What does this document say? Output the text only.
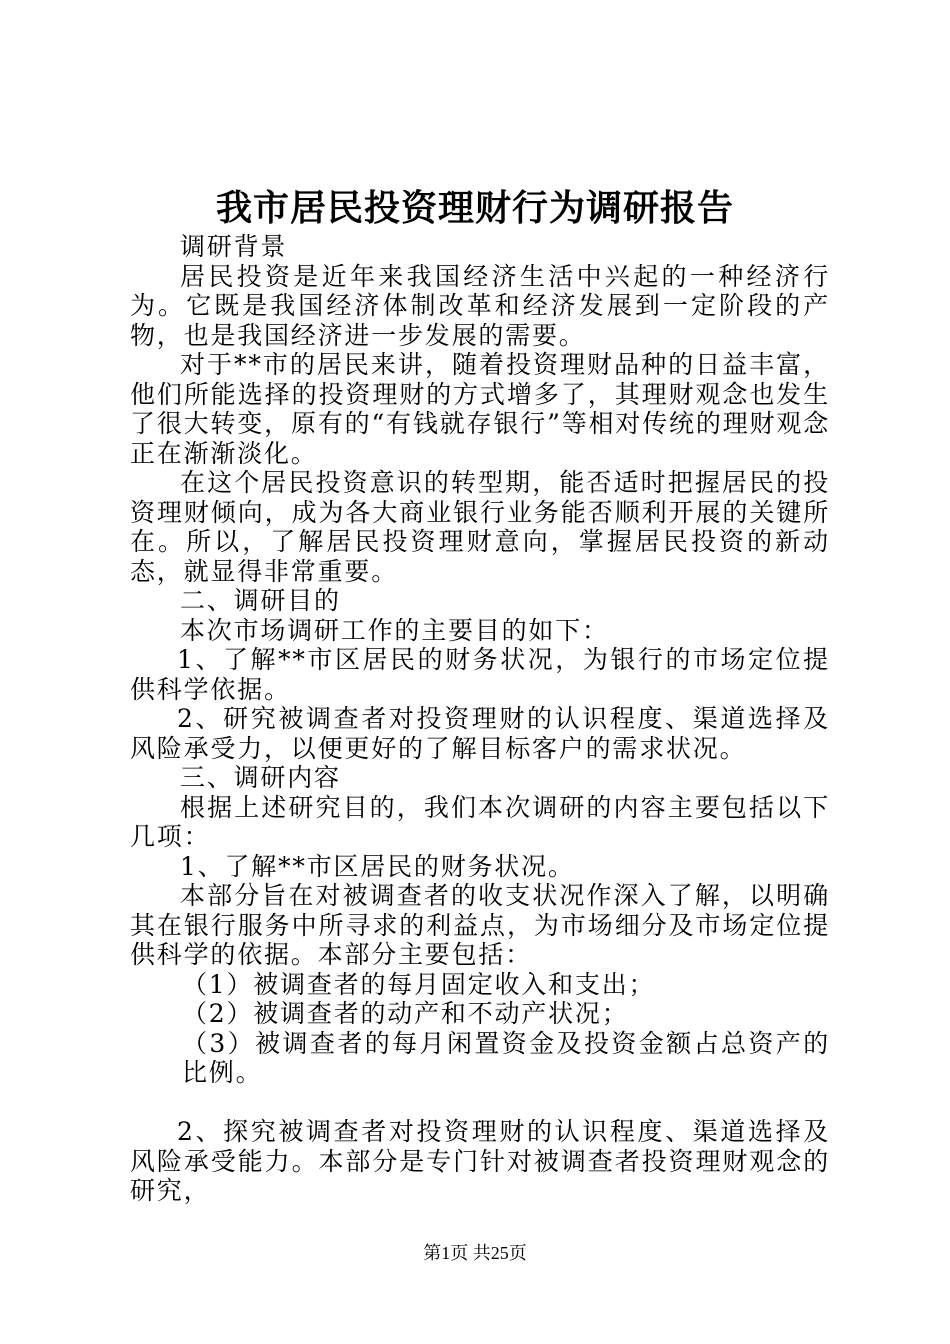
我市居民投资理财行为调研报告

调研背景

居民投资是近年来我国经济生活中兴起的一种经济行为。它既是我国经济体制改革和经济发展到一定阶段的产物，也是我国经济进一步发展的需要。

对于**市的居民来讲，随着投资理财品种的日益丰富，他们所能选择的投资理财的方式增多了，其理财观念也发生了很大转变，原有的“有钱就存银行”等相对传统的理财观念正在渐渐淡化。

在这个居民投资意识的转型期，能否适时把握居民的投资理财倾向，成为各大商业银行业务能否顺利开展的关键所在。所以，了解居民投资理财意向，掌握居民投资的新动态，就显得非常重要。

二、调研目的

本次市场调研工作的主要目的如下：

1、了解**市区居民的财务状况，为银行的市场定位提供科学依据。

2、研究被调查者对投资理财的认识程度、渠道选择及风险承受力，以便更好的了解目标客户的需求状况。

三、调研内容

根据上述研究目的，我们本次调研的内容主要包括以下几项：

1、了解**市区居民的财务状况。

本部分旨在对被调查者的收支状况作深入了解，以明确其在银行服务中所寻求的利益点，为市场细分及市场定位提供科学的依据。本部分主要包括：

（1）被调查者的每月固定收入和支出；

（2）被调查者的动产和不动产状况；

（3）被调查者的每月闲置资金及投资金额占总资产的比例。

2、探究被调查者对投资理财的认识程度、渠道选择及风险承受能力。本部分是专门针对被调查者投资理财观念的研究，

第1页 共25页
